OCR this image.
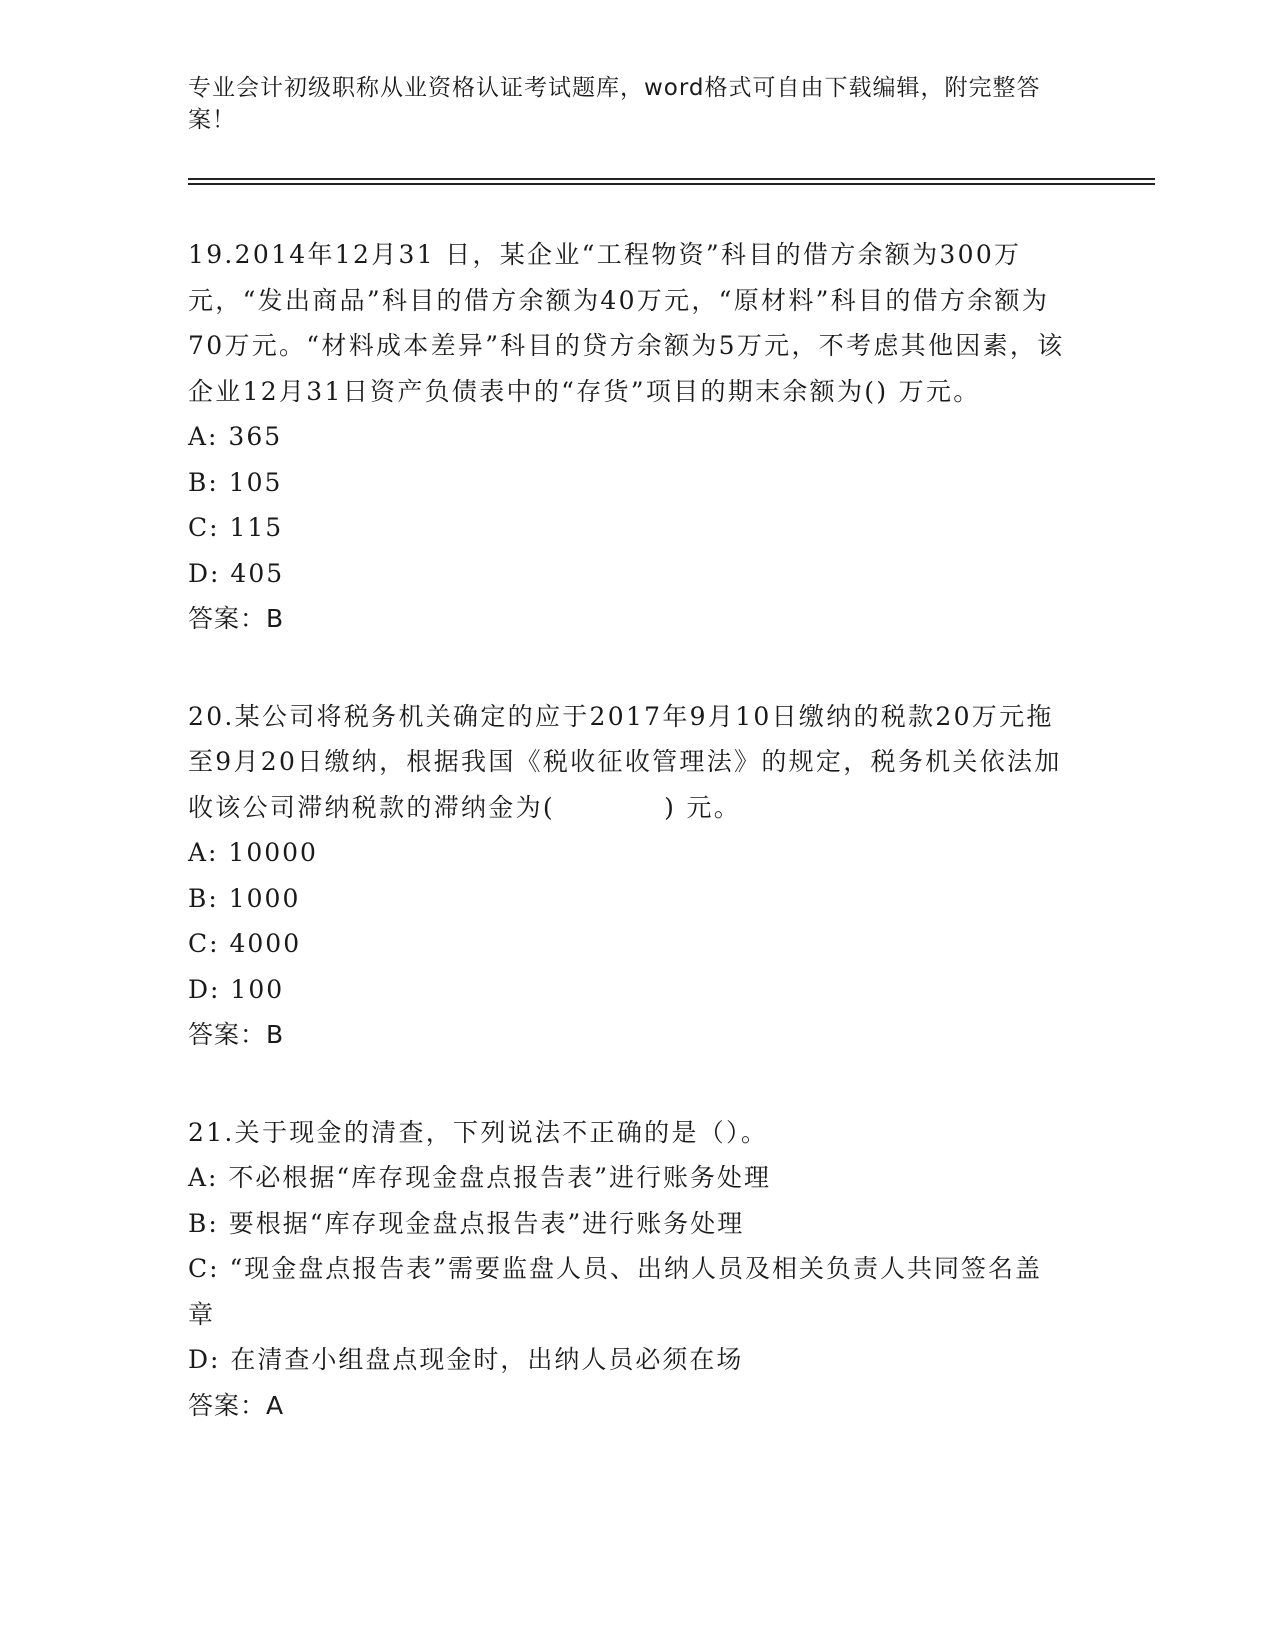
专业会计初级职称从业资格认证考试题库，word格式可自由下载编辑，附完整答案！

19.2014年12月31 日，某企业“工程物资”科目的借方余额为300万元，“发出商品”科目的借方余额为40万元，“原材料”科目的借方余额为70万元。“材料成本差异”科目的贷方余额为5万元，不考虑其他因素，该企业12月31日资产负债表中的“存货”项目的期末余额为() 万元。

A: 365

B: 105

C: 115

D: 405

答案：B

20.某公司将税务机关确定的应于2017年9月10日缴纳的税款20万元拖至9月20日缴纳，根据我国《税收征收管理法》的规定，税务机关依法加收该公司滞纳税款的滞纳金为(　　　　) 元。

A: 10000

B: 1000

C: 4000

D: 100

答案：B

21.关于现金的清查，下列说法不正确的是（）。

A: 不必根据“库存现金盘点报告表”进行账务处理

B: 要根据“库存现金盘点报告表”进行账务处理

C: “现金盘点报告表”需要监盘人员、出纳人员及相关负责人共同签名盖章

D: 在清查小组盘点现金时，出纳人员必须在场

答案：A
